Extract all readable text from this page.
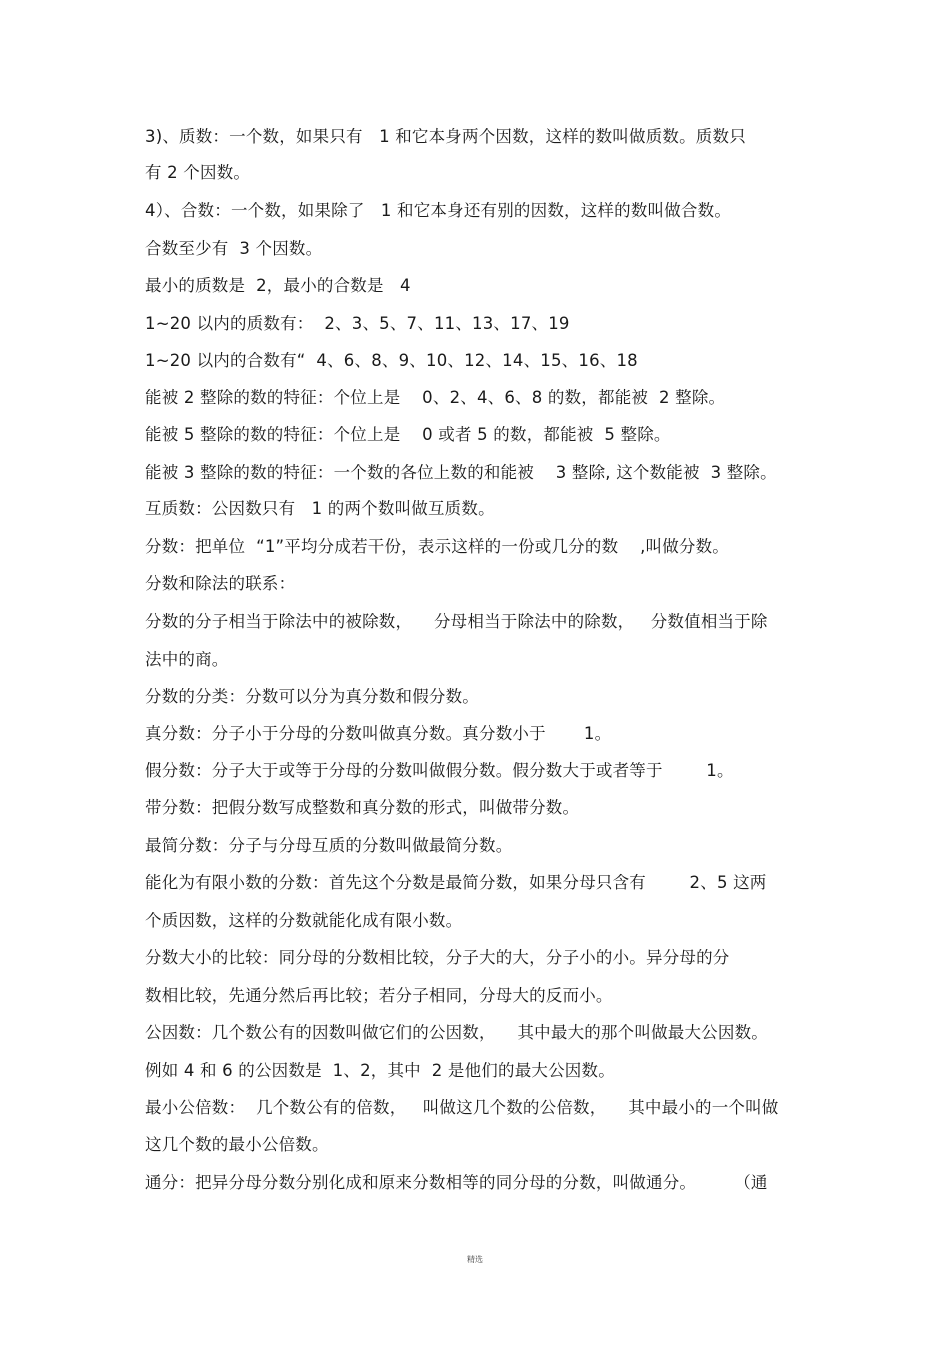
3)、质数：一个数，如果只有   1 和它本身两个因数，这样的数叫做质数。质数只
有 2 个因数。
4）、合数：一个数，如果除了   1 和它本身还有别的因数，这样的数叫做合数。
合数至少有  3 个因数。
最小的质数是  2，最小的合数是   4
1~20 以内的质数有：  2、3、5、7、11、13、17、19
1~20 以内的合数有“  4、6、8、9、10、12、14、15、16、18
能被 2 整除的数的特征：个位上是    0、2、4、6、8 的数，都能被  2 整除。
能被 5 整除的数的特征：个位上是    0 或者 5 的数，都能被  5 整除。
能被 3 整除的数的特征：一个数的各位上数的和能被    3 整除, 这个数能被  3 整除。
互质数：公因数只有   1 的两个数叫做互质数。
分数：把单位  “1”平均分成若干份，表示这样的一份或几分的数    ,叫做分数。
分数和除法的联系：
分数的分子相当于除法中的被除数，    分母相当于除法中的除数，   分数值相当于除
法中的商。
分数的分类：分数可以分为真分数和假分数。
真分数：分子小于分母的分数叫做真分数。真分数小于       1。
假分数：分子大于或等于分母的分数叫做假分数。假分数大于或者等于        1。
带分数：把假分数写成整数和真分数的形式，叫做带分数。
最简分数：分子与分母互质的分数叫做最简分数。
能化为有限小数的分数：首先这个分数是最简分数，如果分母只含有        2、5 这两
个质因数，这样的分数就能化成有限小数。
分数大小的比较：同分母的分数相比较，分子大的大，分子小的小。异分母的分
数相比较，先通分然后再比较；若分子相同，分母大的反而小。
公因数：几个数公有的因数叫做它们的公因数，    其中最大的那个叫做最大公因数。
例如 4 和 6 的公因数是  1、2，其中  2 是他们的最大公因数。
最小公倍数：  几个数公有的倍数，   叫做这几个数的公倍数，    其中最小的一个叫做
这几个数的最小公倍数。
通分：把异分母分数分别化成和原来分数相等的同分母的分数，叫做通分。       （通
精选
